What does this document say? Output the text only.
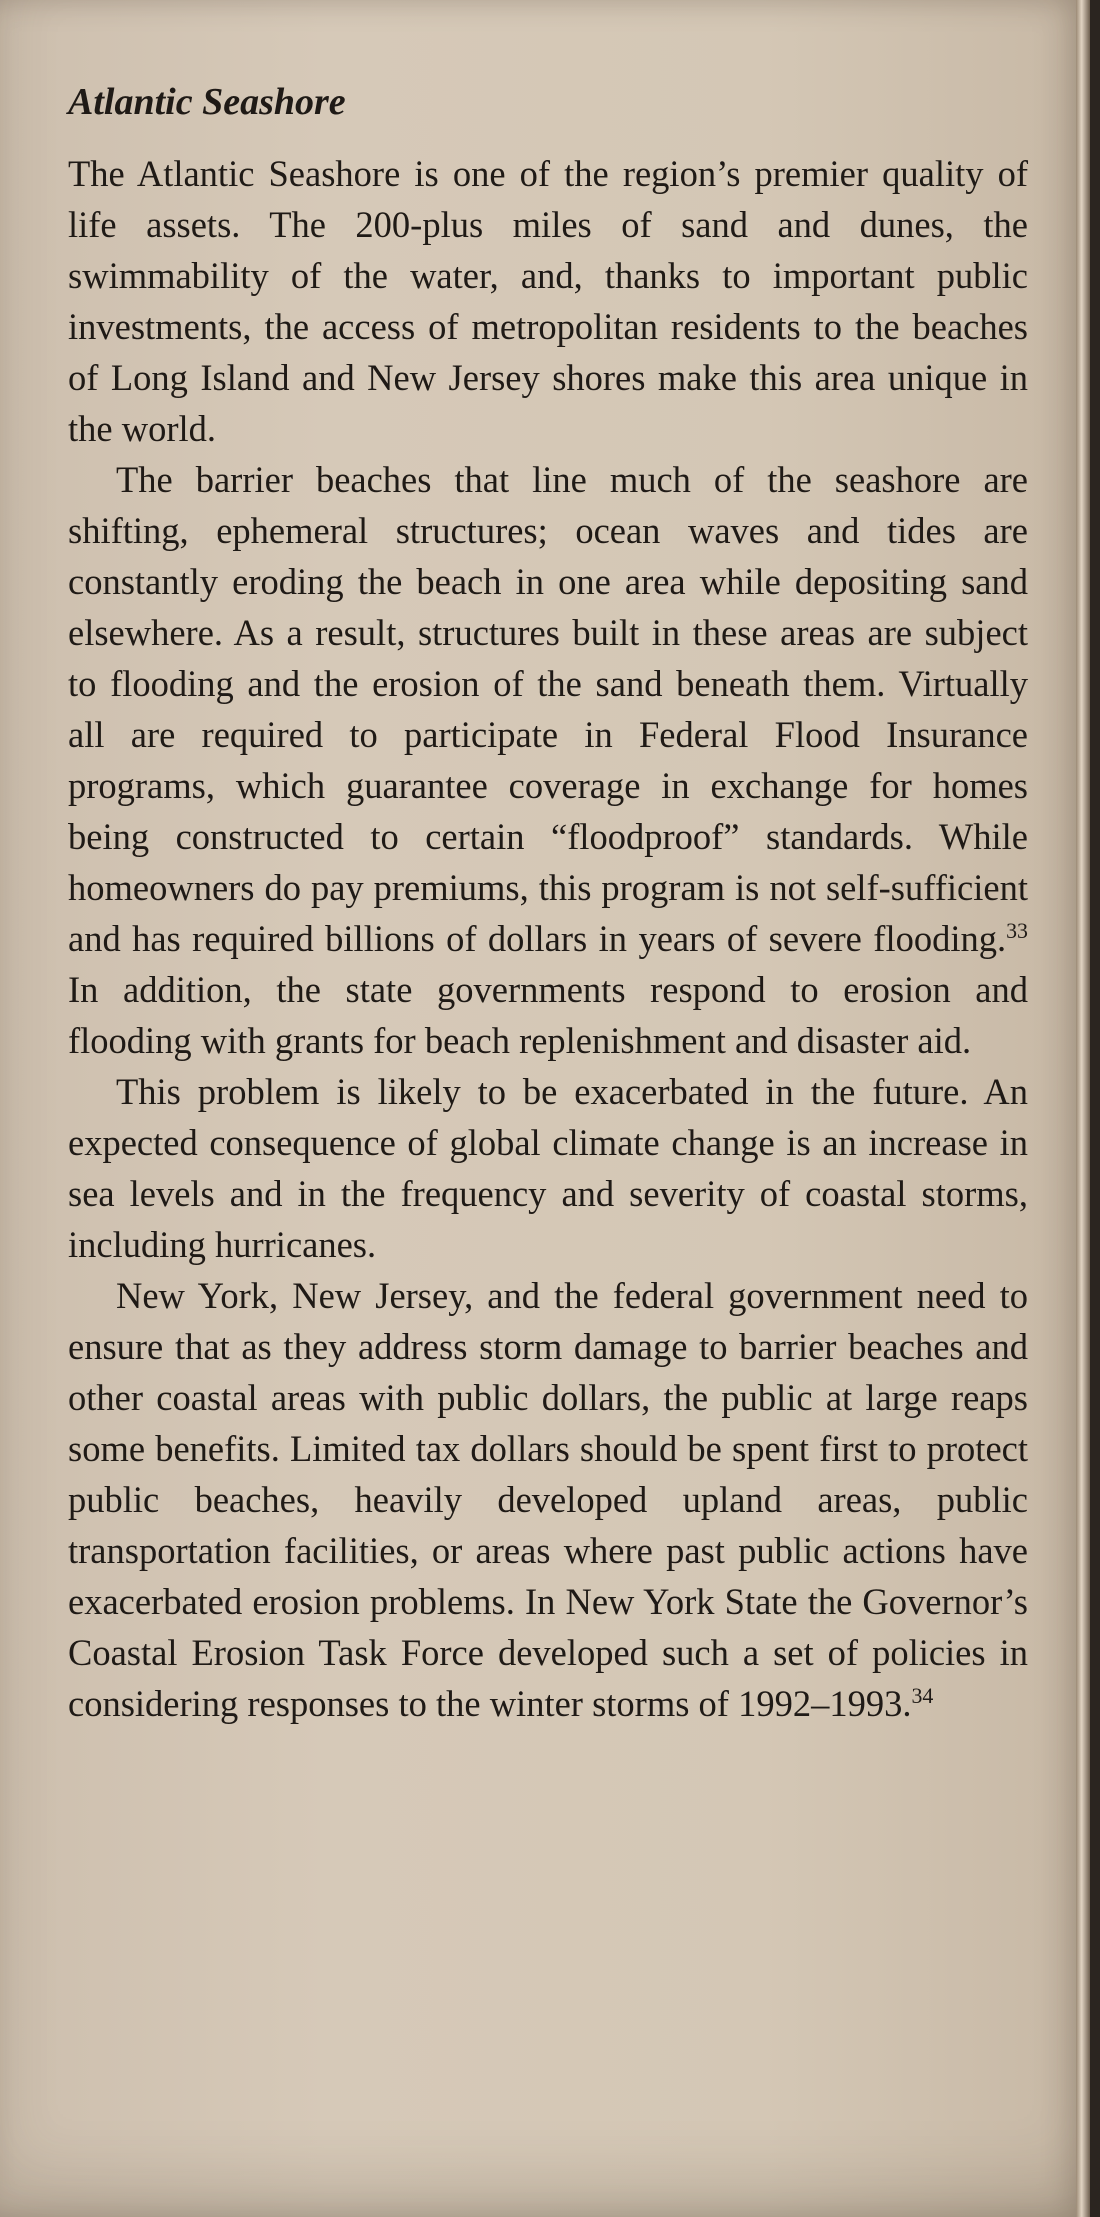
Atlantic Seashore

The Atlantic Seashore is one of the region’s premier quality of life assets. The 200-plus miles of sand and dunes, the swimmability of the water, and, thanks to important public investments, the access of metropolitan residents to the beaches of Long Island and New Jersey shores make this area unique in the world.

The barrier beaches that line much of the seashore are shifting, ephemeral structures; ocean waves and tides are constantly eroding the beach in one area while depositing sand elsewhere. As a result, structures built in these areas are subject to flooding and the erosion of the sand beneath them. Virtually all are required to participate in Federal Flood Insurance programs, which guarantee coverage in exchange for homes being constructed to certain “floodproof” standards. While homeowners do pay premiums, this program is not self-sufficient and has required billions of dollars in years of severe flooding.$^{33}$ In addition, the state governments respond to erosion and flooding with grants for beach replenishment and disaster aid.

This problem is likely to be exacerbated in the future. An expected consequence of global climate change is an increase in sea levels and in the frequency and severity of coastal storms, including hurricanes.

New York, New Jersey, and the federal government need to ensure that as they address storm damage to barrier beaches and other coastal areas with public dollars, the public at large reaps some benefits. Limited tax dollars should be spent first to protect public beaches, heavily developed upland areas, public transportation facilities, or areas where past public actions have exacerbated erosion problems. In New York State the Governor’s Coastal Erosion Task Force developed such a set of policies in considering responses to the winter storms of 1992–1993.34
